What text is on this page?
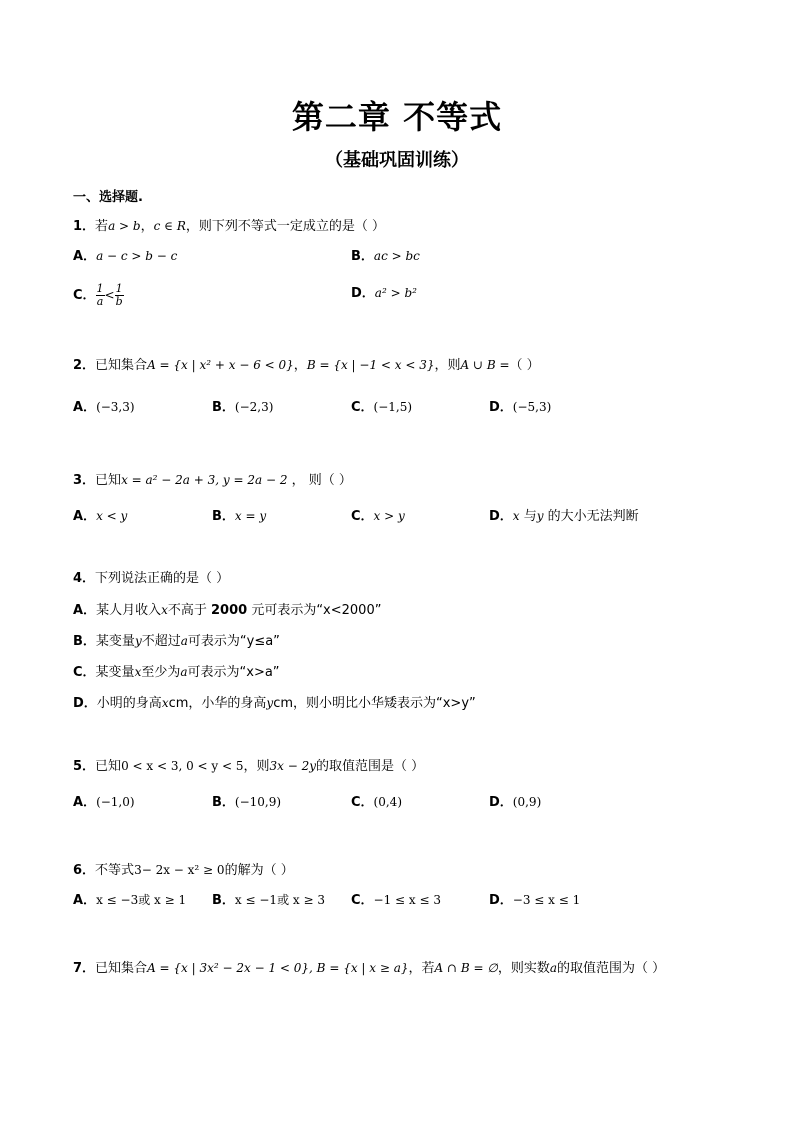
第二章 不等式
（基础巩固训练）
一、选择题.
1．若a > b，c ∈ R，则下列不等式一定成立的是（ ）
A．a − c > b − c	B．ac > bc
C． $\frac{1}{a} < \frac{1}{b}$	D．a² > b²
2．已知集合A = {x | x² + x − 6 < 0}，B = {x | −1 < x < 3}，则A ∪ B =（ ）
A．(−3,3)	B．(−2,3)	C．(−1,5)	D．(−5,3)
3．已知x = a² − 2a + 3, y = 2a − 2 ， 则（ ）
A．x < y	B．x = y	C．x > y	D．x 与y 的大小无法判断
4．下列说法正确的是（ ）
A．某人月收入x不高于 2000 元可表示为“x<2000”
B．某变量y不超过a可表示为“y≤a”
C．某变量x至少为a可表示为“x>a”
D．小明的身高xcm，小华的身高ycm，则小明比小华矮表示为“x>y”
5．已知0 < x < 3, 0 < y < 5，则3x − 2y的取值范围是（ ）
A．(−1,0)	B．(−10,9)	C．(0,4)	D．(0,9)
6．不等式3− 2x − x² ≥ 0的解为（ ）
A．x ≤ −3或 x ≥ 1 B．x ≤ −1或 x ≥ 3 C．−1 ≤ x ≤ 3	D．−3 ≤ x ≤ 1
7．已知集合A = {x | 3x² − 2x − 1 < 0}, B = {x | x ≥ a}，若A ∩ B = ∅，则实数a的取值范围为（ ）
